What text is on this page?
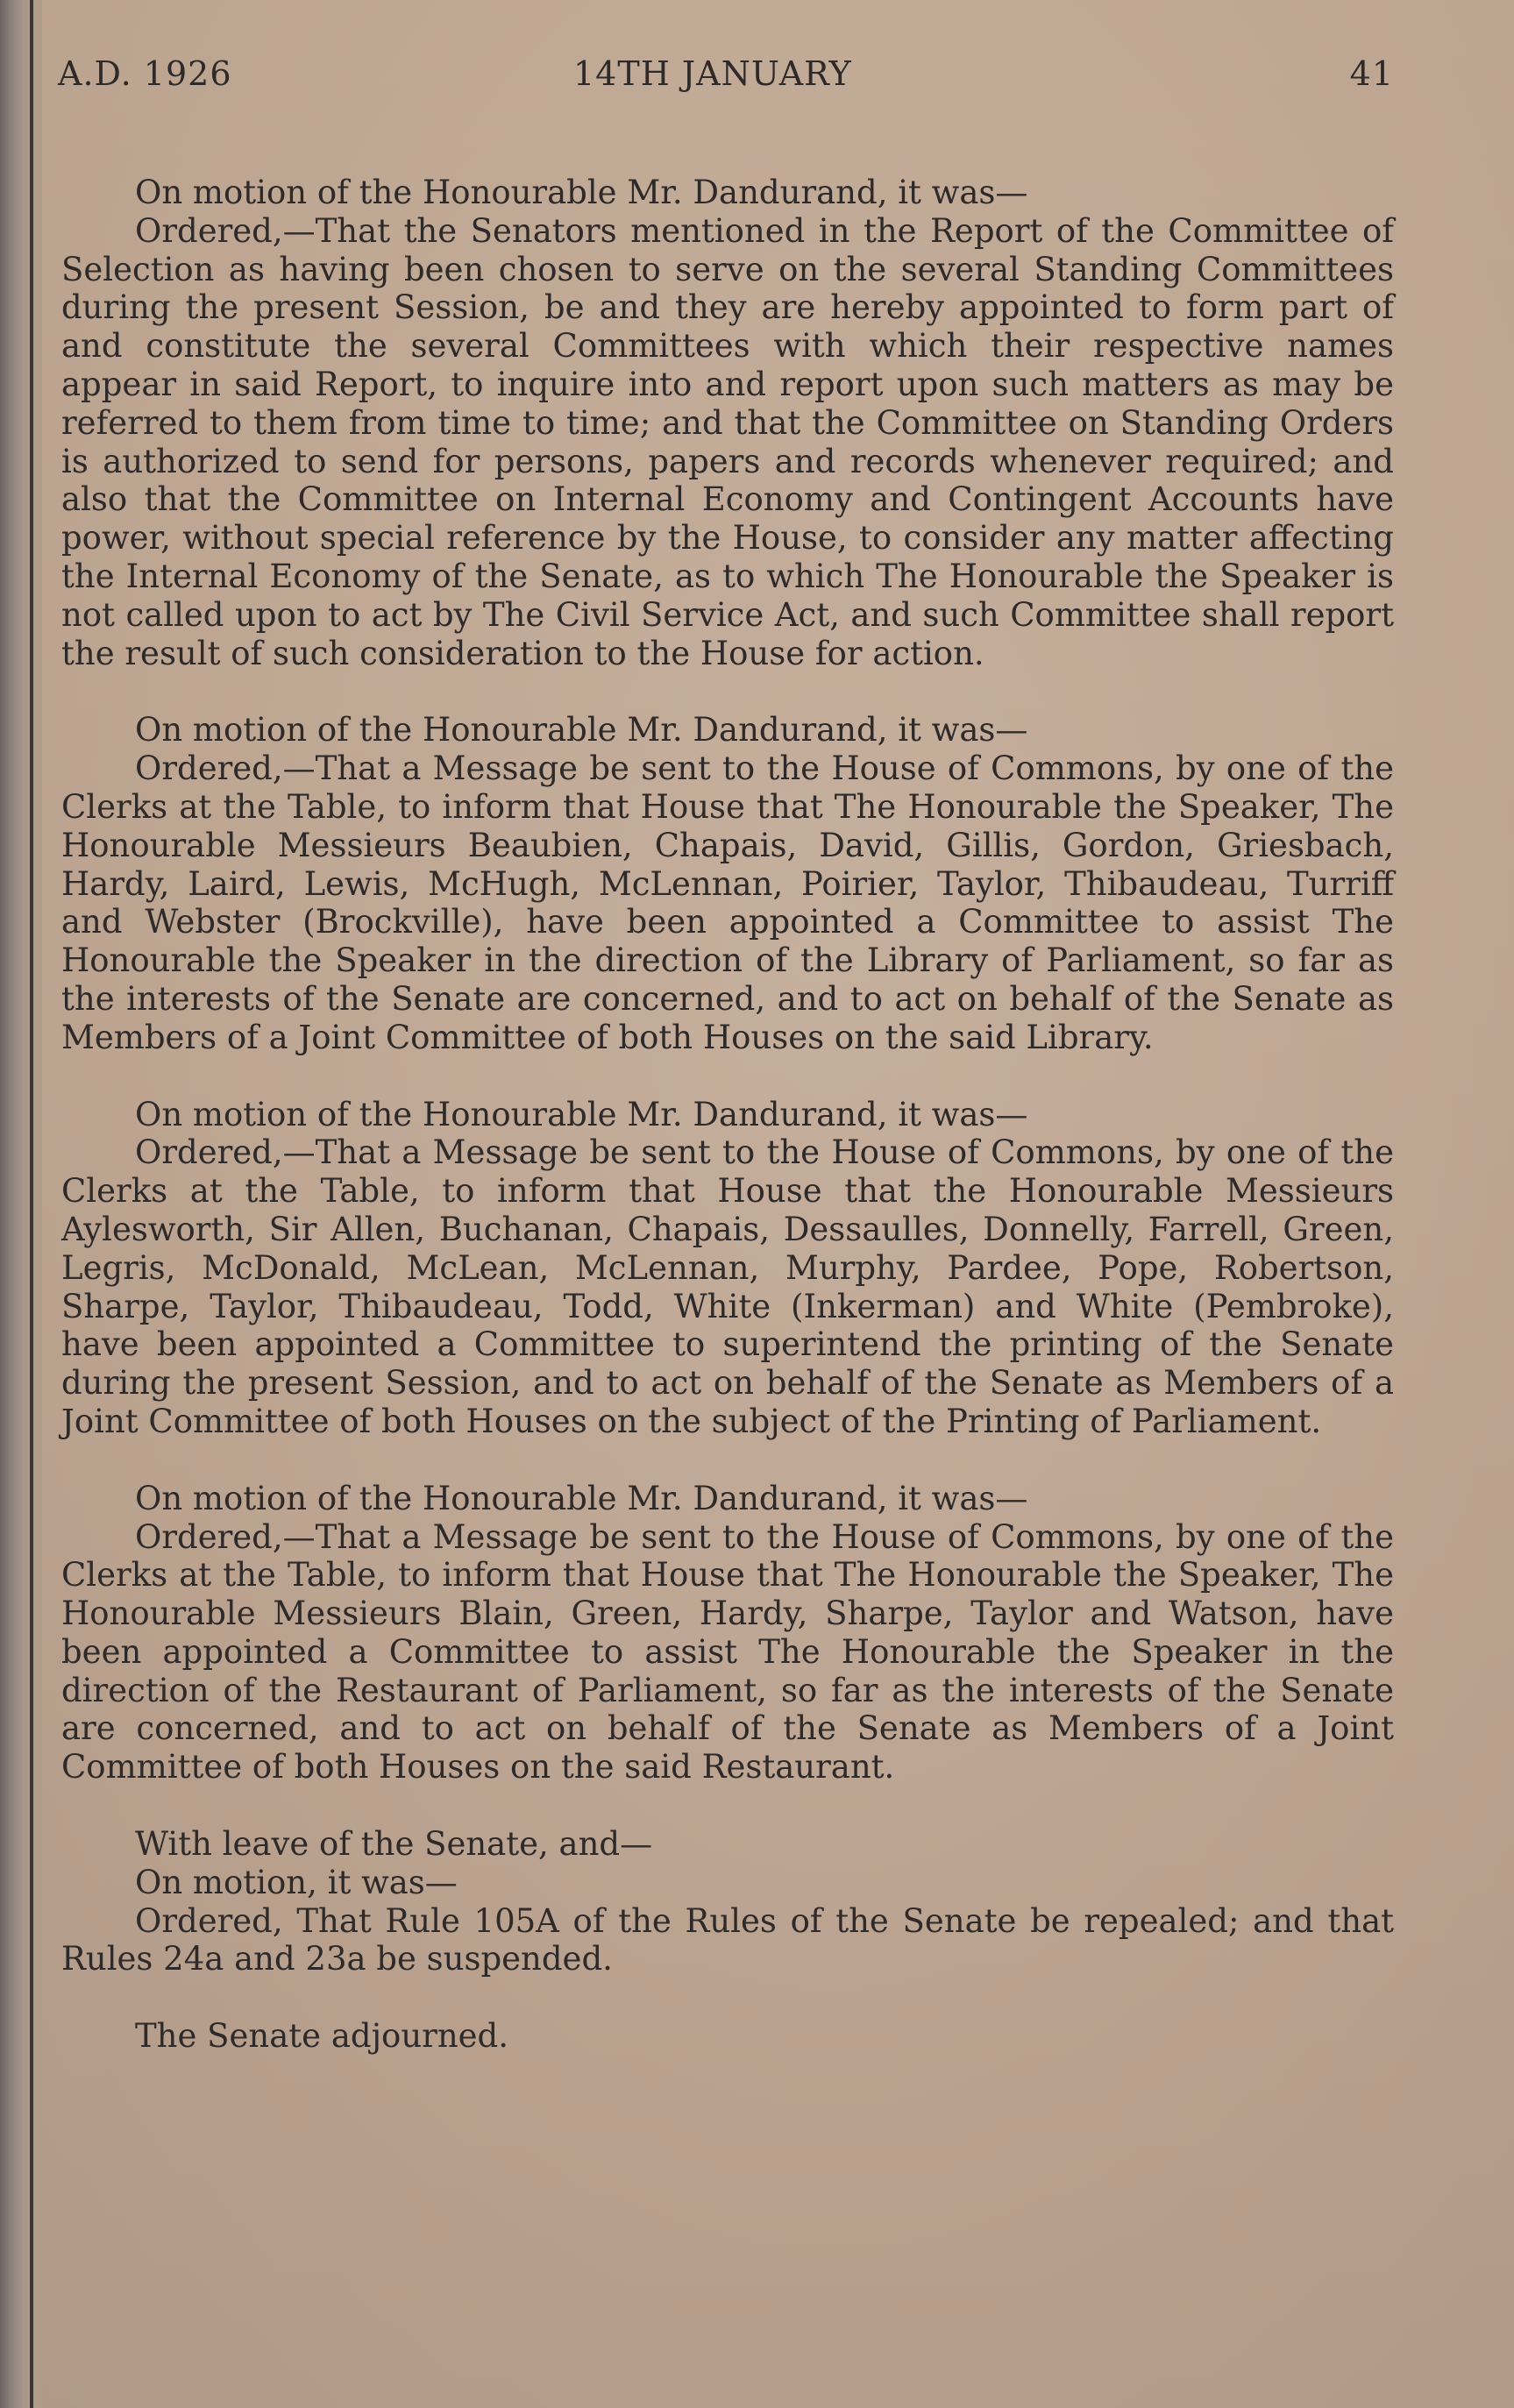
A.D. 1926	14TH JANUARY	41

On motion of the Honourable Mr. Dandurand, it was—

Ordered,—That the Senators mentioned in the Report of the Committee of Selection as having been chosen to serve on the several Standing Committees during the present Session, be and they are hereby appointed to form part of and constitute the several Committees with which their respective names appear in said Report, to inquire into and report upon such matters as may be referred to them from time to time; and that the Committee on Standing Orders is authorized to send for persons, papers and records whenever required; and also that the Committee on Internal Economy and Contingent Accounts have power, without special reference by the House, to consider any matter affecting the Internal Economy of the Senate, as to which The Honourable the Speaker is not called upon to act by The Civil Service Act, and such Committee shall report the result of such consideration to the House for action.

On motion of the Honourable Mr. Dandurand, it was—

Ordered,—That a Message be sent to the House of Commons, by one of the Clerks at the Table, to inform that House that The Honourable the Speaker, The Honourable Messieurs Beaubien, Chapais, David, Gillis, Gordon, Griesbach, Hardy, Laird, Lewis, McHugh, McLennan, Poirier, Taylor, Thibaudeau, Turriff and Webster (Brockville), have been appointed a Committee to assist The Honourable the Speaker in the direction of the Library of Parliament, so far as the interests of the Senate are concerned, and to act on behalf of the Senate as Members of a Joint Committee of both Houses on the said Library.

On motion of the Honourable Mr. Dandurand, it was—

Ordered,—That a Message be sent to the House of Commons, by one of the Clerks at the Table, to inform that House that the Honourable Messieurs Aylesworth, Sir Allen, Buchanan, Chapais, Dessaulles, Donnelly, Farrell, Green, Legris, McDonald, McLean, McLennan, Murphy, Pardee, Pope, Robertson, Sharpe, Taylor, Thibaudeau, Todd, White (Inkerman) and White (Pembroke), have been appointed a Committee to superintend the printing of the Senate during the present Session, and to act on behalf of the Senate as Members of a Joint Committee of both Houses on the subject of the Printing of Parliament.

On motion of the Honourable Mr. Dandurand, it was—

Ordered,—That a Message be sent to the House of Commons, by one of the Clerks at the Table, to inform that House that The Honourable the Speaker, The Honourable Messieurs Blain, Green, Hardy, Sharpe, Taylor and Watson, have been appointed a Committee to assist The Honourable the Speaker in the direction of the Restaurant of Parliament, so far as the interests of the Senate are concerned, and to act on behalf of the Senate as Members of a Joint Committee of both Houses on the said Restaurant.

With leave of the Senate, and—

On motion, it was—

Ordered, That Rule 105A of the Rules of the Senate be repealed; and that Rules 24a and 23a be suspended.

The Senate adjourned.
